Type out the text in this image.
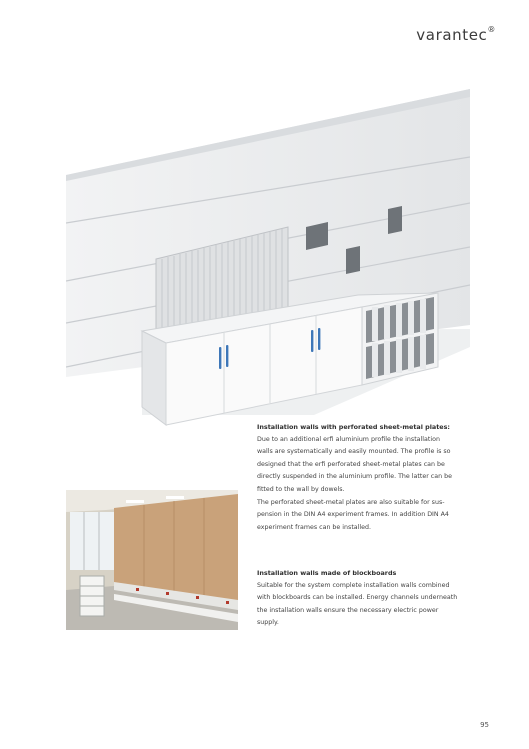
varantec®
Installation walls with perforated sheet-metal plates:
Due to an additional erfi aluminium profile the installation
walls are systematically and easily mounted. The profile is so
designed that the erfi perforated sheet-metal plates can be
directly suspended in the aluminium profile. The latter can be
fitted to the wall by dowels.
The perforated sheet-metal plates are also suitable for sus-
pension in the DIN A4 experiment frames. In addition DIN A4
experiment frames can be installed.
Installation walls made of blockboards
Suitable for the system complete installation walls combined
with blockboards can be installed. Energy channels underneath
the installation walls ensure the necessary electric power
supply.
95
